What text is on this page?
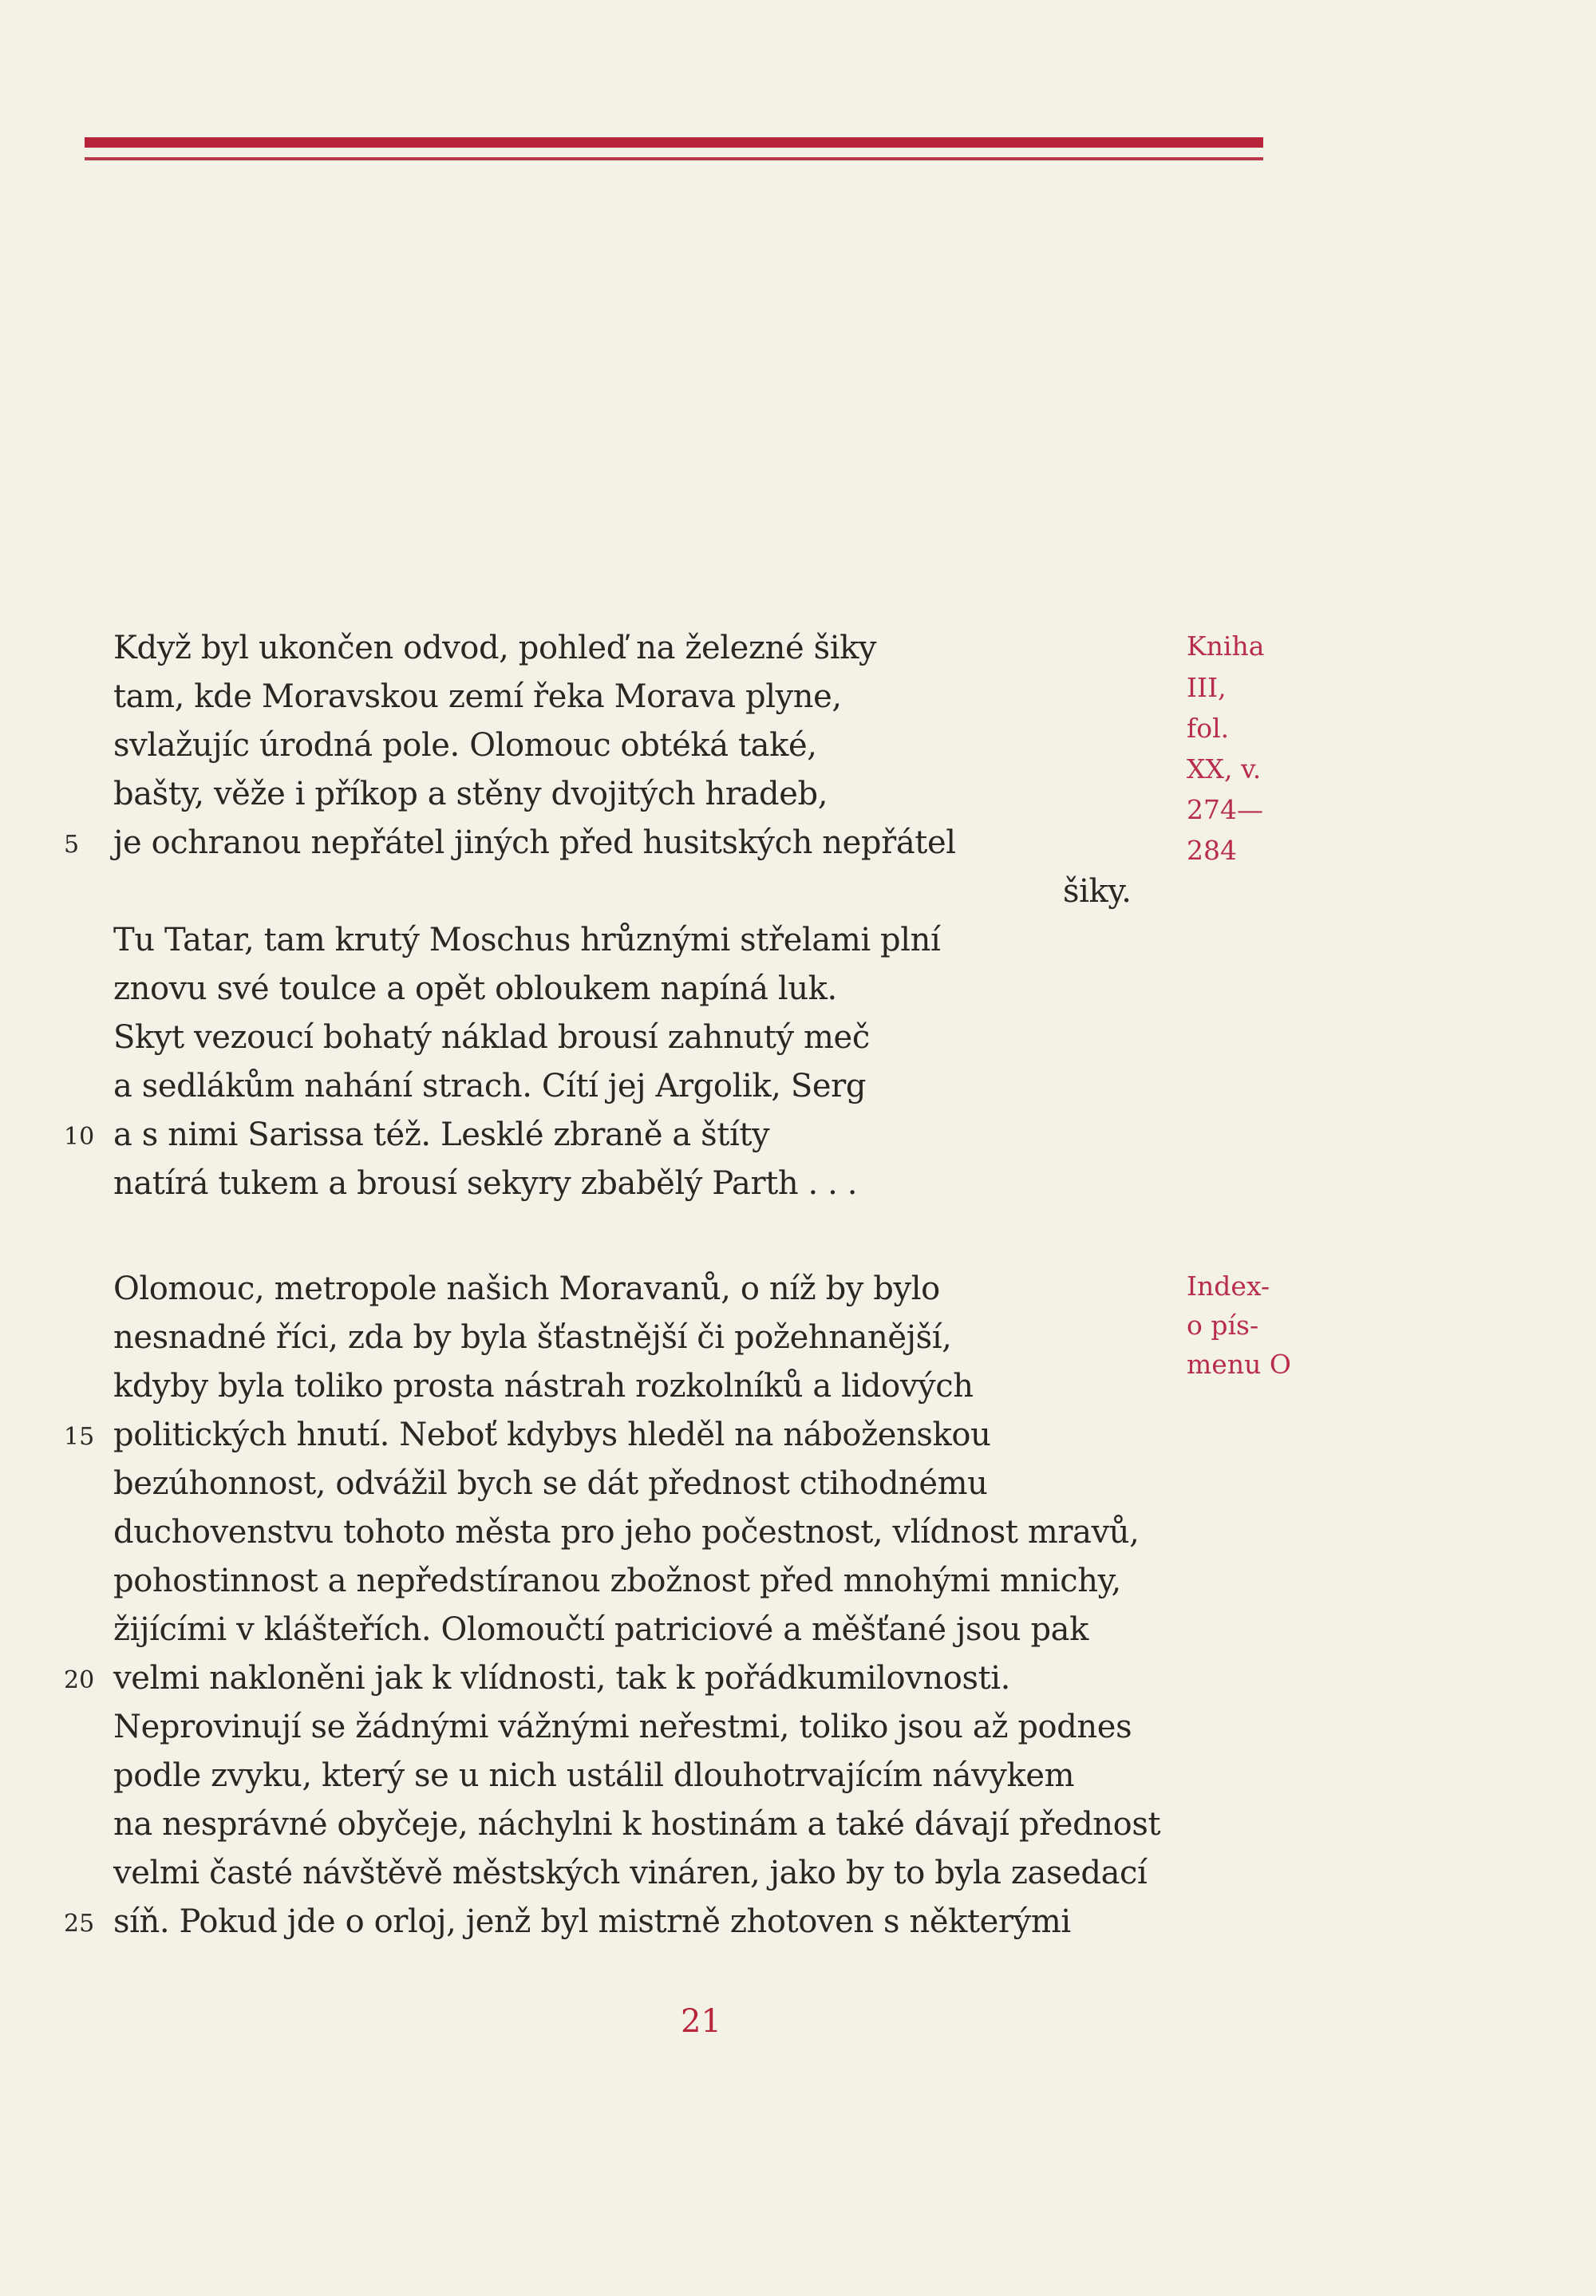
Když byl ukončen odvod, pohleď na železné šiky
tam, kde Moravskou zemí řeka Morava plyne,
svlažujíc úrodná pole. Olomouc obtéká také,
bašty, věže i příkop a stěny dvojitých hradeb,
5 je ochranou nepřátel jiných před husitských nepřátel
šiky.
Tu Tatar, tam krutý Moschus hrůznými střelami plní
znovu své toulce a opět obloukem napíná luk.
Skyt vezoucí bohatý náklad brousí zahnutý meč
a sedlákům nahání strach. Cítí jej Argolik, Serg
10 a s nimi Sarissa též. Lesklé zbraně a štíty
natírá tukem a brousí sekyry zbabělý Parth . . .
Kniha
III,
fol.
XX, v.
274—
284
Olomouc, metropole našich Moravanů, o níž by bylo
nesnadné říci, zda by byla šťastnější či požehnanější,
kdyby byla toliko prosta nástrah rozkolníků a lidových
15 politických hnutí. Neboť kdybys hleděl na náboženskou
bezúhonnost, odvážil bych se dát přednost ctihodnému
duchovenstvu tohoto města pro jeho počestnost, vlídnost mravů,
pohostinnost a nepředstíranou zbožnost před mnohými mnichy,
žijícími v klášteřích. Olomoučtí patriciové a měšťané jsou pak
20 velmi nakloněni jak k vlídnosti, tak k pořádkumilovnosti.
Neprovinují se žádnými vážnými neřestmi, toliko jsou až podnes
podle zvyku, který se u nich ustálil dlouhotrvajícím návykem
na nesprávné obyčeje, náchylni k hostinám a také dávají přednost
velmi časté návštěvě městských vináren, jako by to byla zasedací
25 síň. Pokud jde o orloj, jenž byl mistrně zhotoven s některými
Index-
o pís-
menu O
21
